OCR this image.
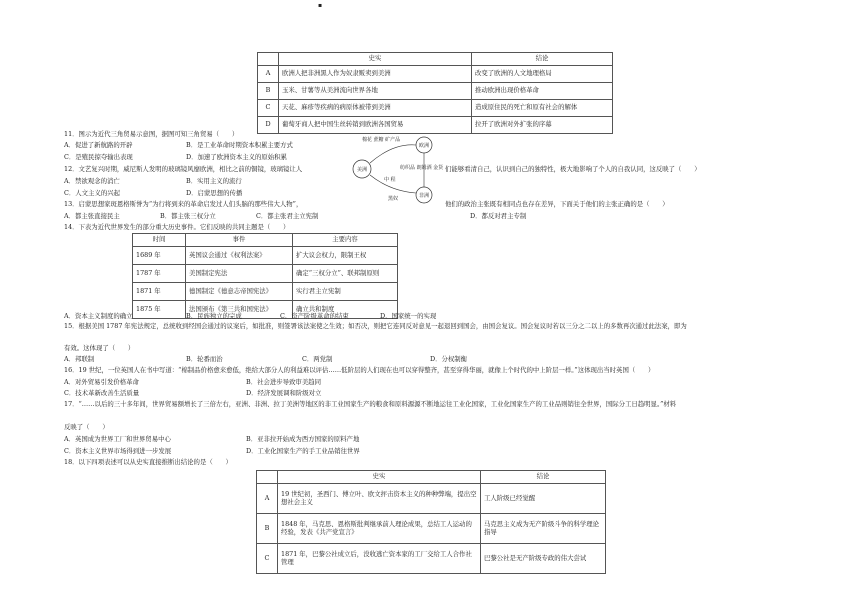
▪
	史实	结论
A	欧洲人把非洲黑人作为奴隶贩卖到美洲	改变了欧洲的人文地理格局
B	玉米、甘薯等从美洲流向世界各地	推动欧洲出现价格革命
C	天花、麻疹等疾病的病原体被带到美洲	造成原住民的死亡和原有社会的解体
D	葡萄牙商人把中国生丝转销到欧洲各国贸易	拉开了欧洲对外扩张的序幕
11．图示为近代三角贸易示意图，据图可知三角贸易（　　）
A．促进了新航路的开辟	B．是工业革命时期资本积累主要方式
C．是殖民掠夺输出表现	D．加速了欧洲资本主义的原始积累
美洲
欧洲
非洲
棉花 蔗糖 矿产品
纺织品 朗姆酒 金货
黑奴
中 程
12．文艺复兴时期，威尼斯人发明的玻璃镜风靡欧洲，相比之前的铜镜，玻璃镜让人	们能够看清自己，认识到自己的独特性，极大地影响了个人的自我认同，这反映了（　　）
A．禁欲观念的消亡	B．实用主义的流行
C．人文主义的兴起	D．启蒙思想的传播
13．启蒙思想家斑恩格斯誉为“为行将到来的革命启发过人们头脑的那些伟大人物”，	他们的政治主张既有相同点也存在差异，下面关于他们的主张正确的是（　　）
A．都主张直接民主	B．都主张三权分立	C．都主张君主立宪制	D．都反对君主专制
14．下表为近代世界发生的部分重大历史事件。它们反映的共同主题是（　　）
时间	事件	主要内容
1689 年	英国议会通过《权利法案》	扩大议会权力，限制王权
1787 年	美国制定宪法	确定“三权分立”、联邦制原则
1871 年	德国制定《德意志帝国宪法》	实行君主立宪制
1875 年	法国颁布《第三共和国宪法》	确立共和制度
A．资本主义制度的确立	B．民族独立的完成	C．资产阶级革命的结束	D．国家统一的实现
15．根据美国 1787 年宪法规定，总统收到经国会通过的议案后，如批准，则签署该法案使之生效；如否决，则把它连同反对意见一起退回到国会，由国会复议。国会复议时若以三分之二以上的多数再次通过此法案，即为
有效。这体现了（　　）
A．邦联制	B．轮番而治	C．两党制	D．分权制衡
16．19 世纪，一位英国人在书中写道：“棉制品价格愈来愈低，绝给大部分人的利益难以评估……低阶层的人们现在也可以穿得整齐，甚至穿得华丽，就像上个时代的中上阶层一样。”这体现出当时英国（　　）
A．对外贸易引发价格革命	B．社会进步导致审美趋同
C．技术革新改善生活质量	D．经济发展调和阶级对立
17．“……以后的三十多年间，世界贸易额增长了三倍左右，亚洲、非洲、拉丁美洲等地区的非工业国家生产的粮食和原料源源不断地运往工业化国家，工业化国家生产的工业品则销往全世界，国际分工日趋明显。”材料
反映了（　　）
A．英国成为世界工厂和世界贸易中心	B．亚非拉开始成为西方国家的原料产地
C．资本主义世界市场得到进一步发展	D．工业化国家生产的手工业品销往世界
18．以下四项表述可以从史实直接推断出结论的是（　　）
	史实	结论
A	19 世纪初，圣西门、傅立叶、欧文抨击资本主义的种种弊端，提出空想社会主义	工人阶级已经觉醒
B	1848 年，马克思、恩格斯批判继承前人理论成果，总结工人运动的经验，发表《共产党宣言》	马克思主义成为无产阶级斗争的科学理论指导
C	1871 年，巴黎公社成立后，没收逃亡资本家的工厂交给工人合作社管理	巴黎公社是无产阶级专政的伟大尝试
